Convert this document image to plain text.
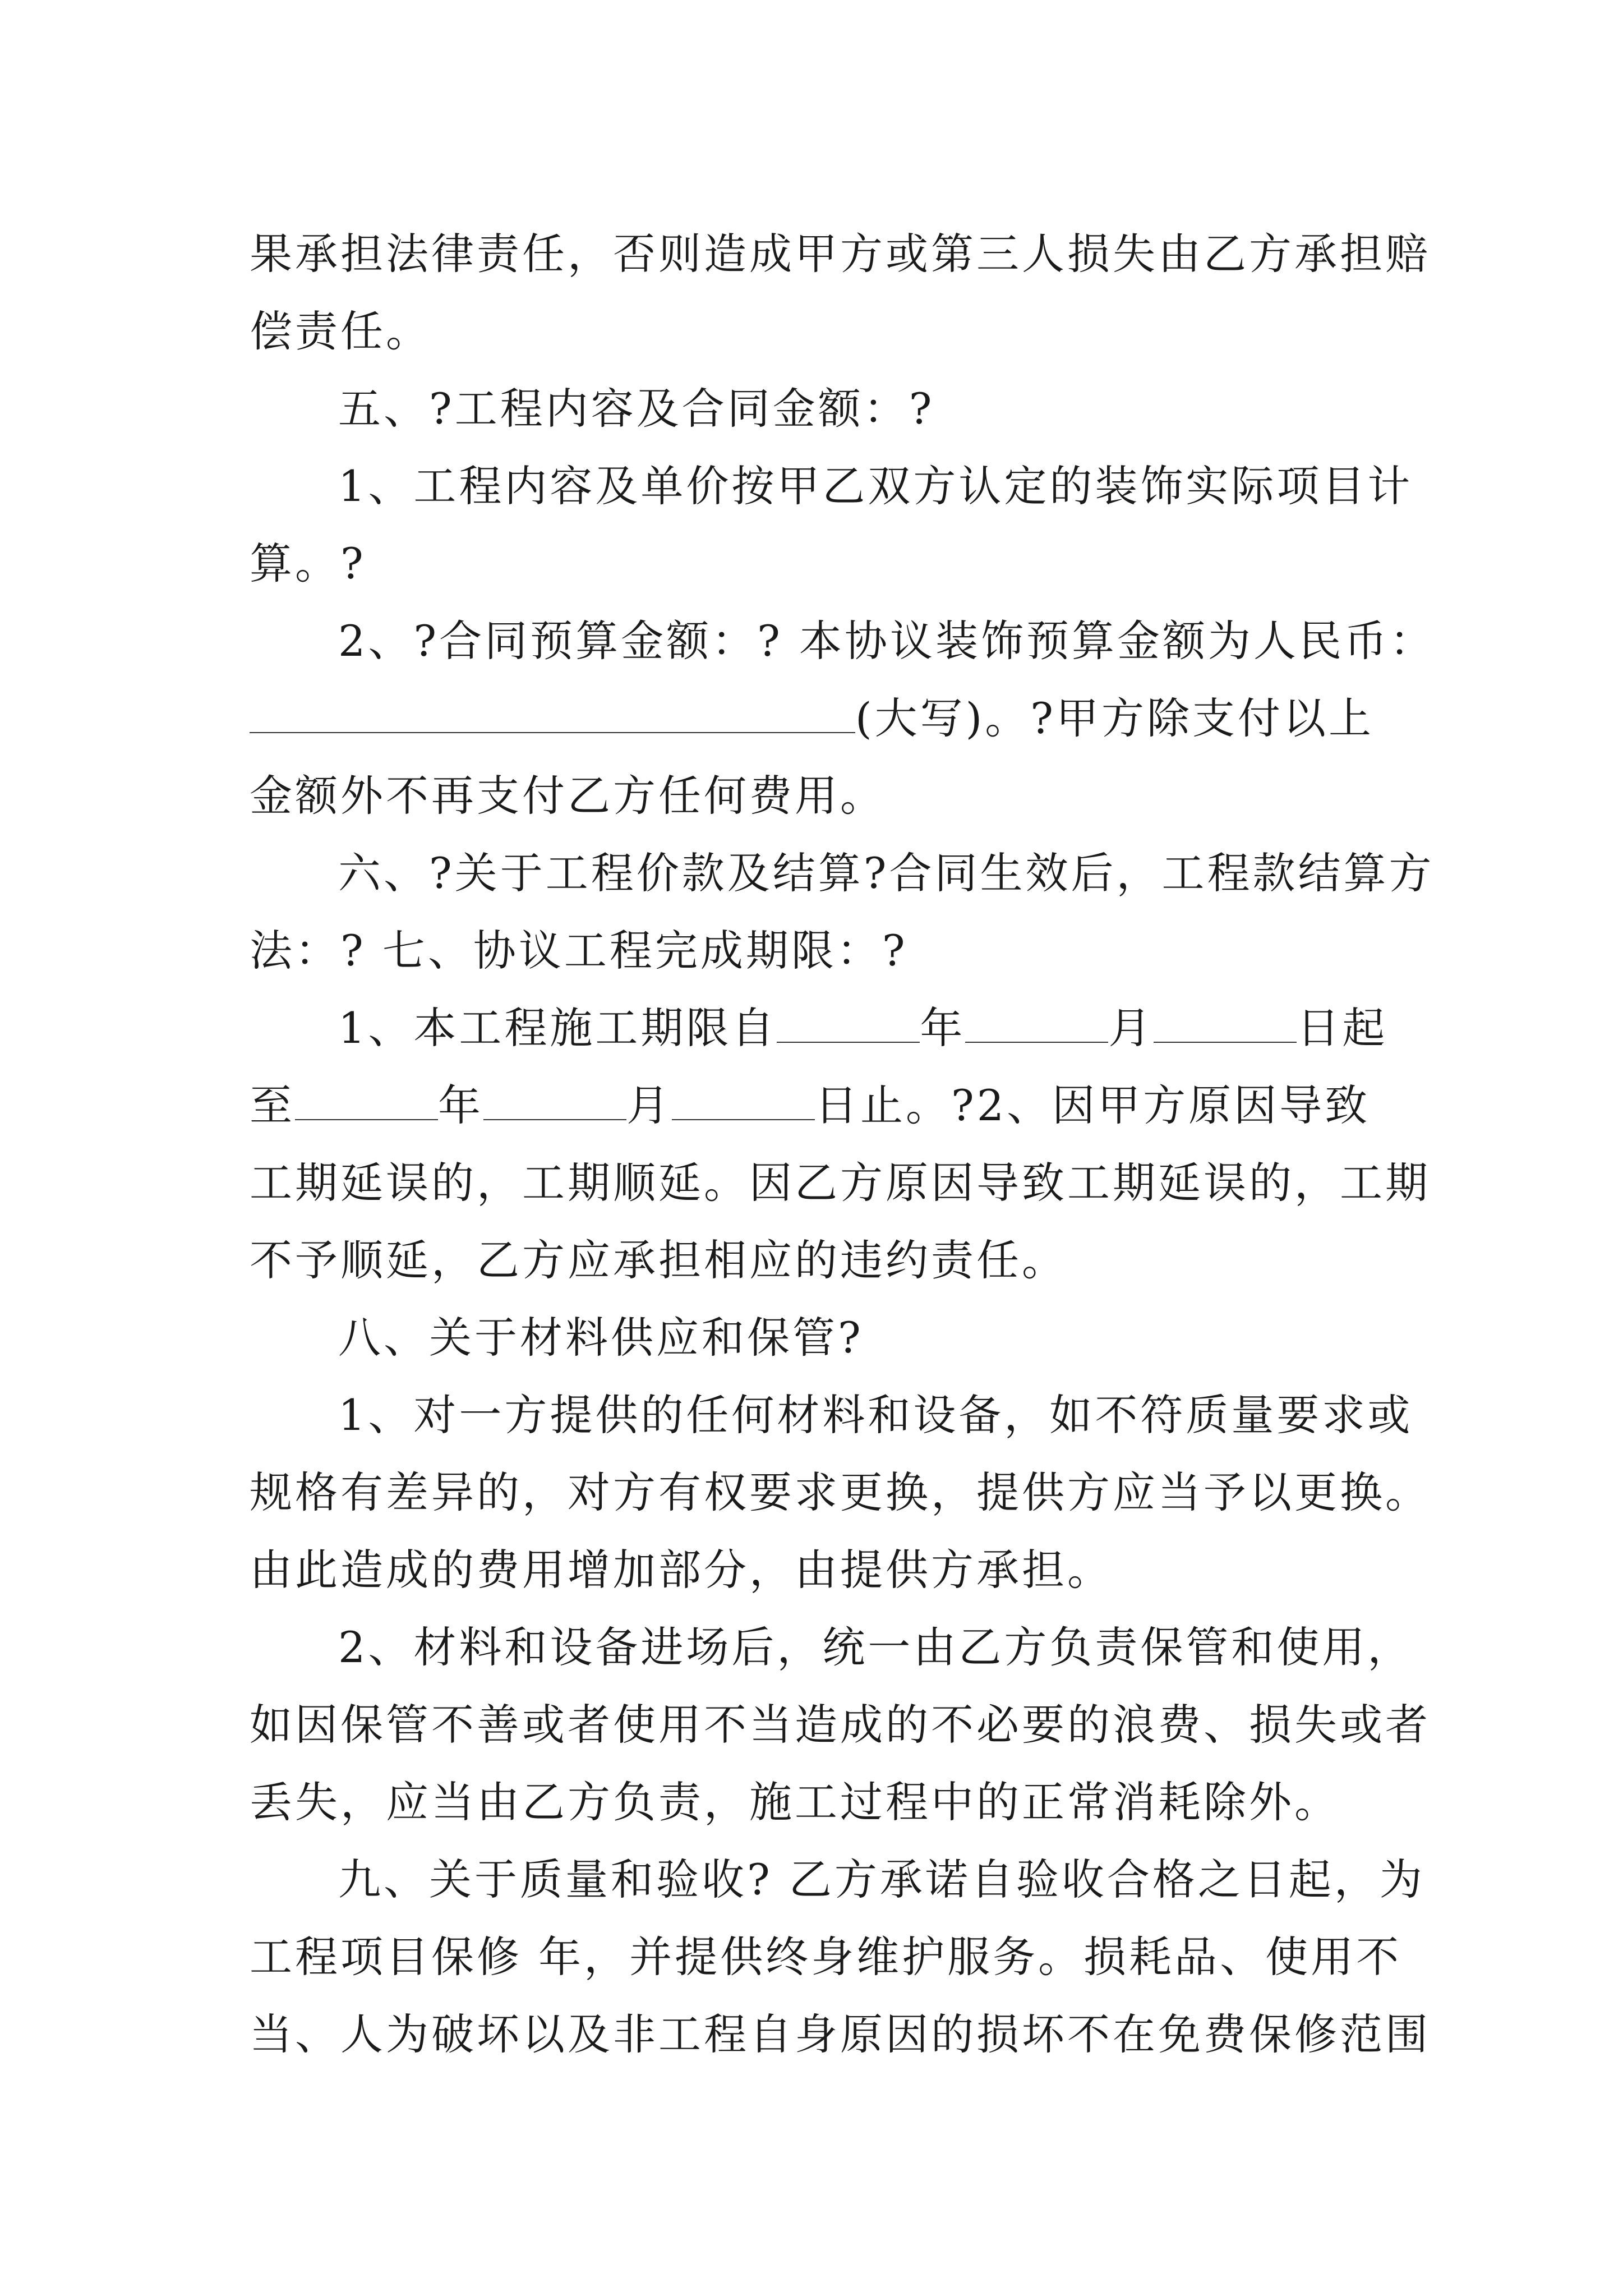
果承担法律责任，否则造成甲方或第三人损失由乙方承担赔
偿责任。
五、?工程内容及合同金额：?
1、工程内容及单价按甲乙双方认定的装饰实际项目计
算。?
2、?合同预算金额：? 本协议装饰预算金额为人民币：
(大写)。?甲方除支付以上
金额外不再支付乙方任何费用。
六、?关于工程价款及结算?合同生效后，工程款结算方
法：? 七、协议工程完成期限：?
1、本工程施工期限自	年	月	日起
至	年	月	日止。?2、因甲方原因导致
工期延误的，工期顺延。因乙方原因导致工期延误的，工期
不予顺延，乙方应承担相应的违约责任。
八、关于材料供应和保管?
1、对一方提供的任何材料和设备，如不符质量要求或
规格有差异的，对方有权要求更换，提供方应当予以更换。
由此造成的费用增加部分，由提供方承担。
2、材料和设备进场后，统一由乙方负责保管和使用，
如因保管不善或者使用不当造成的不必要的浪费、损失或者
丢失，应当由乙方负责，施工过程中的正常消耗除外。
九、关于质量和验收? 乙方承诺自验收合格之日起，为
工程项目保修 年，并提供终身维护服务。损耗品、使用不
当、人为破坏以及非工程自身原因的损坏不在免费保修范围
